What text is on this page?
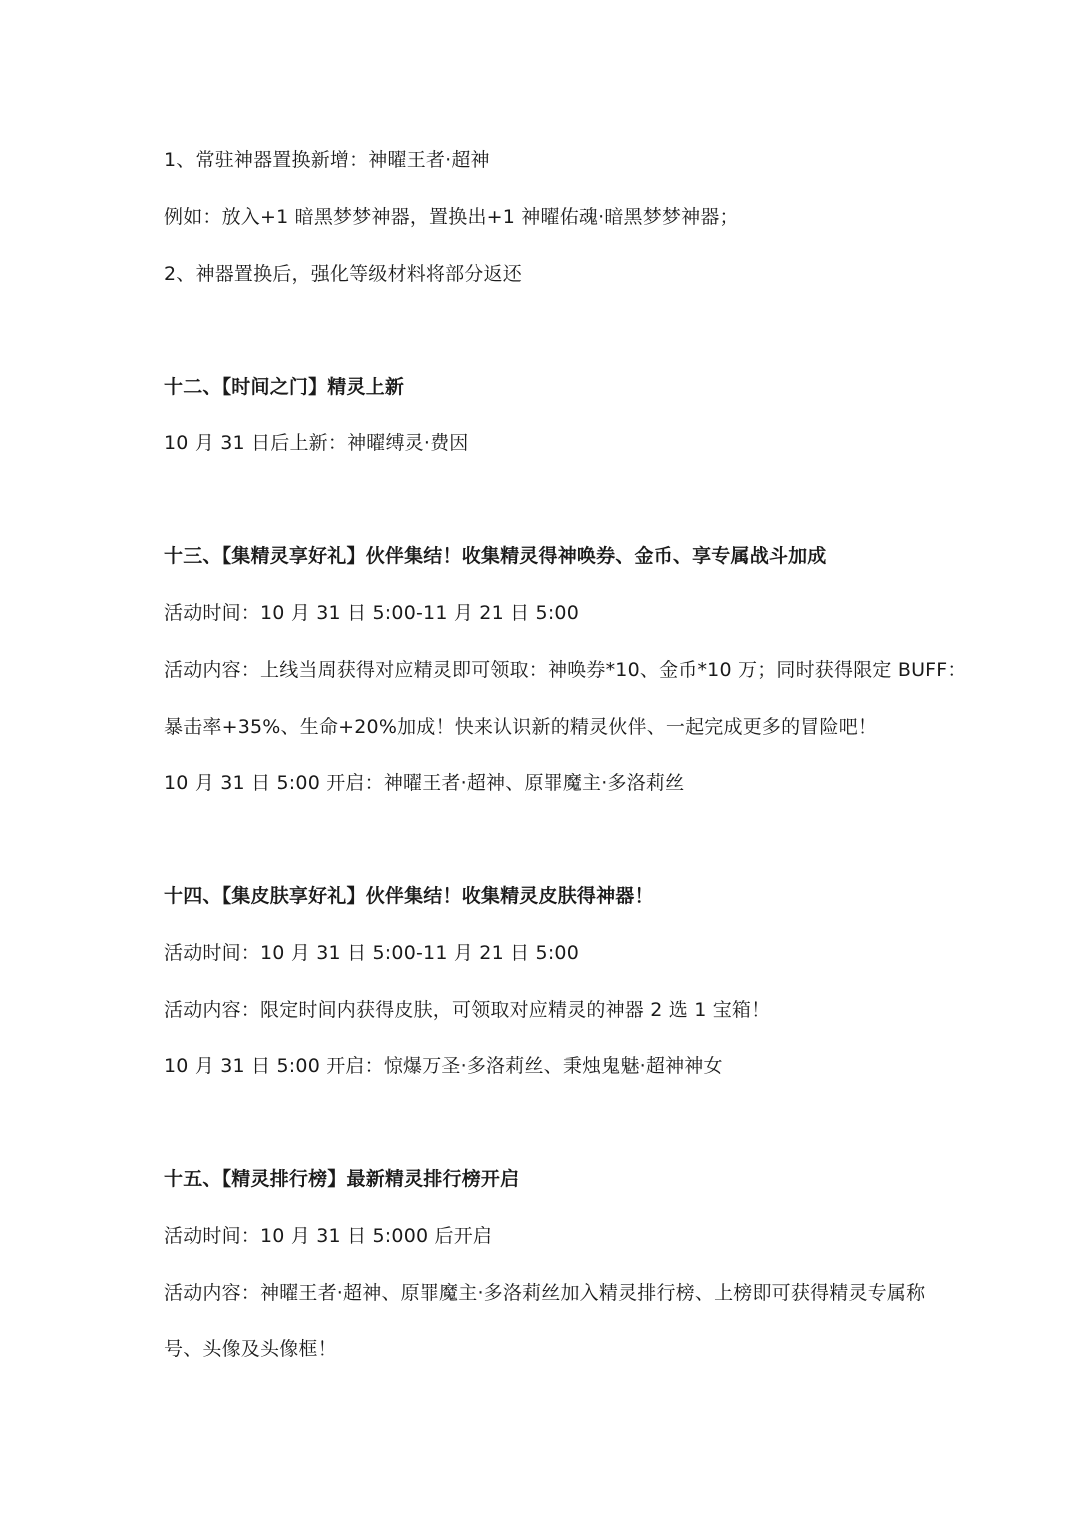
1、常驻神器置换新增：神曜王者·超神
例如：放入+1 暗黑梦梦神器，置换出+1 神曜佑魂·暗黑梦梦神器；
2、神器置换后，强化等级材料将部分返还
十二、【时间之门】精灵上新
10 月 31 日后上新：神曜缚灵·费因
十三、【集精灵享好礼】伙伴集结！收集精灵得神唤券、金币、享专属战斗加成
活动时间：10 月 31 日 5:00-11 月 21 日 5:00
活动内容：上线当周获得对应精灵即可领取：神唤券*10、金币*10 万；同时获得限定 BUFF：
暴击率+35%、生命+20%加成！快来认识新的精灵伙伴、一起完成更多的冒险吧！
10 月 31 日 5:00 开启：神曜王者·超神、原罪魔主·多洛莉丝
十四、【集皮肤享好礼】伙伴集结！收集精灵皮肤得神器！
活动时间：10 月 31 日 5:00-11 月 21 日 5:00
活动内容：限定时间内获得皮肤，可领取对应精灵的神器 2 选 1 宝箱！
10 月 31 日 5:00 开启：惊爆万圣·多洛莉丝、秉烛鬼魅·超神神女
十五、【精灵排行榜】最新精灵排行榜开启
活动时间：10 月 31 日 5:000 后开启
活动内容：神曜王者·超神、原罪魔主·多洛莉丝加入精灵排行榜、上榜即可获得精灵专属称
号、头像及头像框！
